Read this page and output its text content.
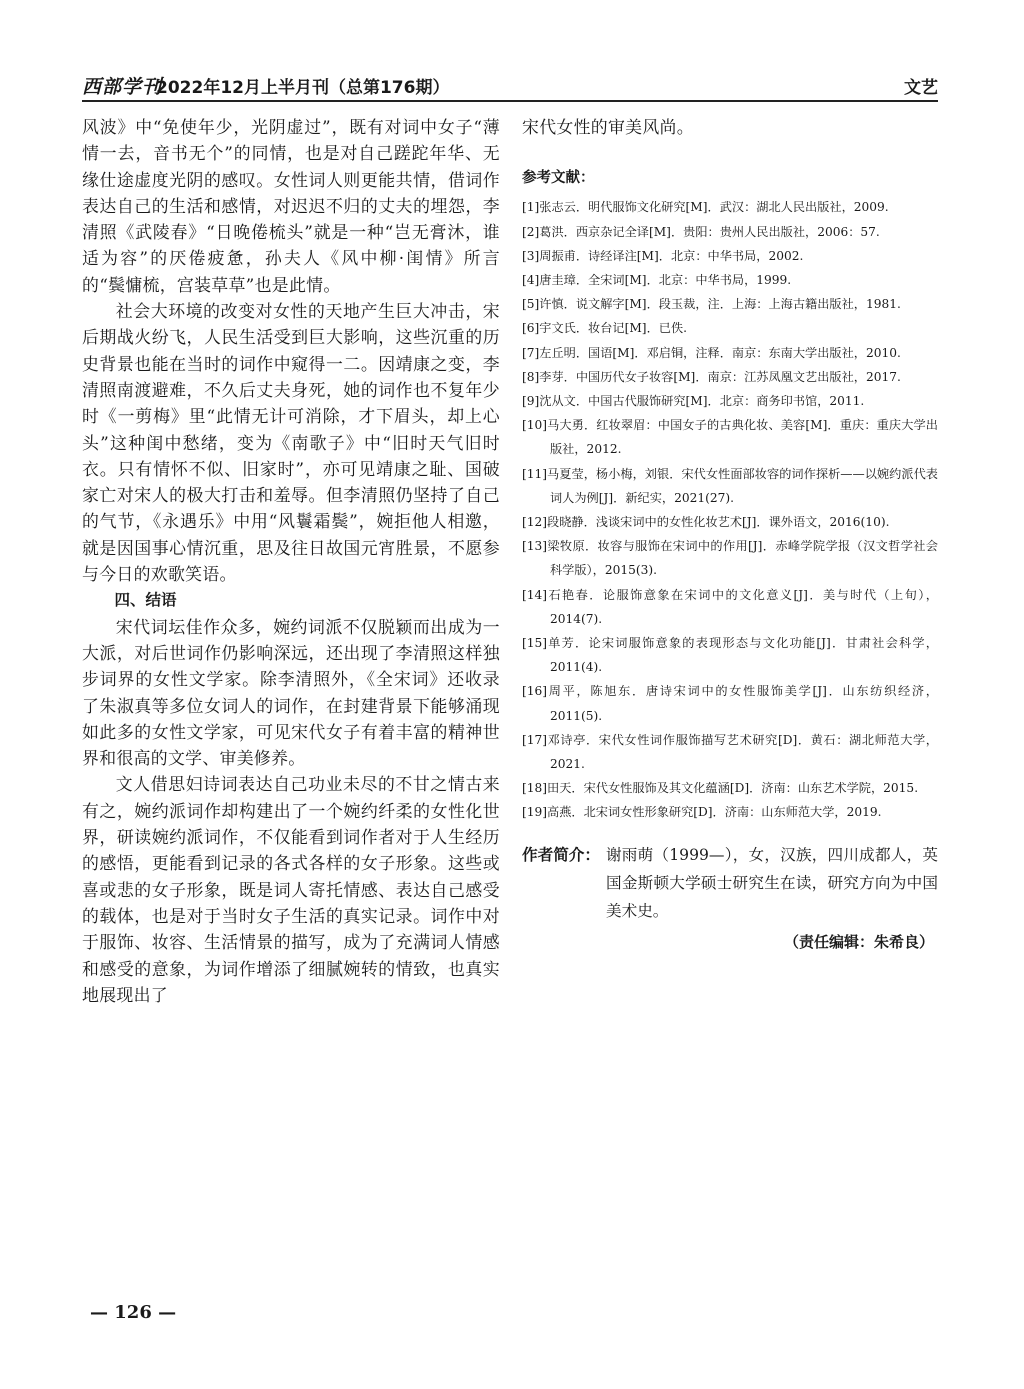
西部学刊
2022年12月上半月刊（总第176期）	文艺

风波》中“免使年少，光阴虚过”，既有对词中女子“薄情一去，音书无个”的同情，也是对自己蹉跎年华、无缘仕途虚度光阴的感叹。女性词人则更能共情，借词作表达自己的生活和感情，对迟迟不归的丈夫的埋怨，李清照《武陵春》“日晚倦梳头”就是一种“岂无膏沐，谁适为容”的厌倦疲惫，孙夫人《风中柳·闺情》所言的“鬓慵梳，宫装草草”也是此情。

社会大环境的改变对女性的天地产生巨大冲击，宋后期战火纷飞，人民生活受到巨大影响，这些沉重的历史背景也能在当时的词作中窥得一二。因靖康之变，李清照南渡避难，不久后丈夫身死，她的词作也不复年少时《一剪梅》里“此情无计可消除，才下眉头，却上心头”这种闺中愁绪，变为《南歌子》中“旧时天气旧时衣。只有情怀不似、旧家时”，亦可见靖康之耻、国破家亡对宋人的极大打击和羞辱。但李清照仍坚持了自己的气节，《永遇乐》中用“风鬟霜鬓”，婉拒他人相邀，就是因国事心情沉重，思及往日故国元宵胜景，不愿参与今日的欢歌笑语。

四、结语

宋代词坛佳作众多，婉约词派不仅脱颖而出成为一大派，对后世词作仍影响深远，还出现了李清照这样独步词界的女性文学家。除李清照外，《全宋词》还收录了朱淑真等多位女词人的词作，在封建背景下能够涌现如此多的女性文学家，可见宋代女子有着丰富的精神世界和很高的文学、审美修养。

文人借思妇诗词表达自己功业未尽的不甘之情古来有之，婉约派词作却构建出了一个婉约纤柔的女性化世界，研读婉约派词作，不仅能看到词作者对于人生经历的感悟，更能看到记录的各式各样的女子形象。这些或喜或悲的女子形象，既是词人寄托情感、表达自己感受的载体，也是对于当时女子生活的真实记录。词作中对于服饰、妆容、生活情景的描写，成为了充满词人情感和感受的意象，为词作增添了细腻婉转的情致，也真实地展现出了

宋代女性的审美风尚。

参考文献：
[1]张志云．明代服饰文化研究[M]．武汉：湖北人民出版社，2009.
[2]葛洪．西京杂记全译[M]．贵阳：贵州人民出版社，2006：57.
[3]周振甫．诗经译注[M]．北京：中华书局，2002.
[4]唐圭璋．全宋词[M]．北京：中华书局，1999.
[5]许慎．说文解字[M]．段玉裁，注．上海：上海古籍出版社，1981.
[6]宇文氏．妆台记[M]．已佚.
[7]左丘明．国语[M]．邓启铜，注释．南京：东南大学出版社，2010.
[8]李芽．中国历代女子妆容[M]．南京：江苏凤凰文艺出版社，2017.
[9]沈从文．中国古代服饰研究[M]．北京：商务印书馆，2011.
[10]马大勇．红妆翠眉：中国女子的古典化妆、美容[M]．重庆：重庆大学出版社，2012.
[11]马夏莹，杨小梅，刘银．宋代女性面部妆容的词作探析——以婉约派代表词人为例[J]．新纪实，2021(27).
[12]段晓静．浅谈宋词中的女性化妆艺术[J]．课外语文，2016(10).
[13]梁牧原．妆容与服饰在宋词中的作用[J]．赤峰学院学报（汉文哲学社会科学版），2015(3).
[14]石艳春．论服饰意象在宋词中的文化意义[J]．美与时代（上旬），2014(7).
[15]单芳．论宋词服饰意象的表现形态与文化功能[J]．甘肃社会科学，2011(4).
[16]周平，陈旭东．唐诗宋词中的女性服饰美学[J]．山东纺织经济，2011(5).
[17]邓诗亭．宋代女性词作服饰描写艺术研究[D]．黄石：湖北师范大学，2021.
[18]田天．宋代女性服饰及其文化蕴涵[D]．济南：山东艺术学院，2015.
[19]高燕．北宋词女性形象研究[D]．济南：山东师范大学，2019.
作者简介： 谢雨萌（1999—），女，汉族，四川成都人，英国金斯顿大学硕士研究生在读，研究方向为中国美术史。
（责任编辑：朱希良）
— 126 —
